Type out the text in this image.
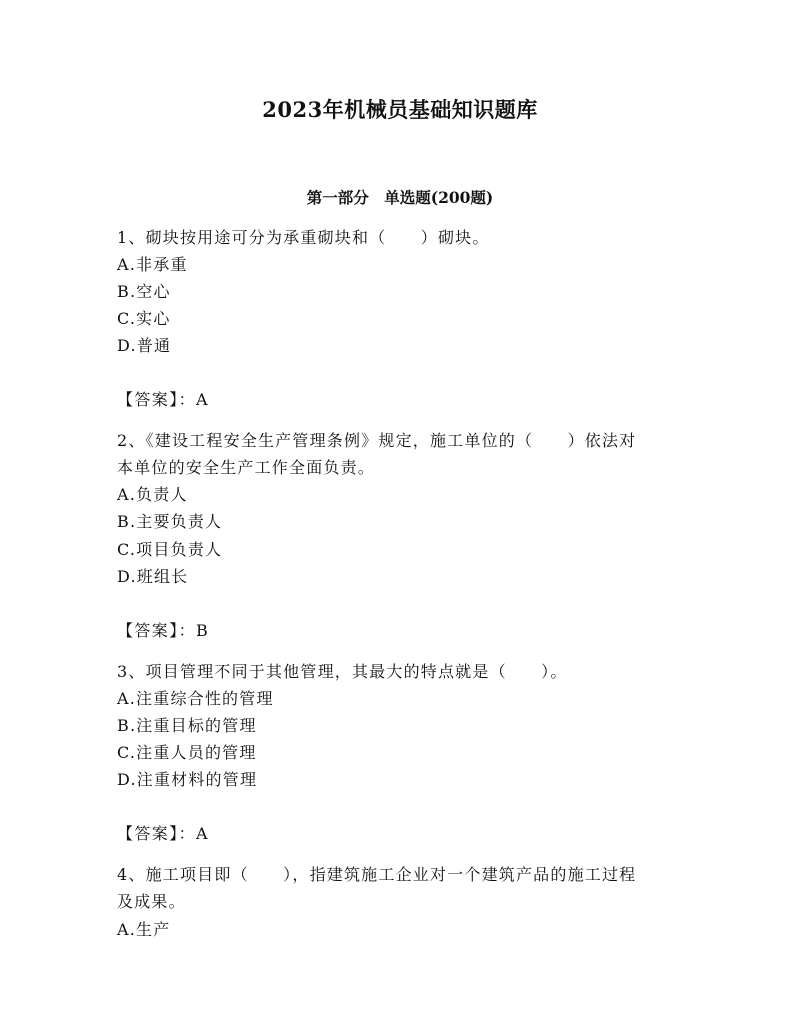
2023年机械员基础知识题库
第一部分　单选题(200题)
1、砌块按用途可分为承重砌块和（　　）砌块。
A.非承重
B.空心
C.实心
D.普通
【答案】：A
2、《建设工程安全生产管理条例》规定，施工单位的（　　）依法对
本单位的安全生产工作全面负责。
A.负责人
B.主要负责人
C.项目负责人
D.班组长
【答案】：B
3、项目管理不同于其他管理，其最大的特点就是（　　）。
A.注重综合性的管理
B.注重目标的管理
C.注重人员的管理
D.注重材料的管理
【答案】：A
4、施工项目即（　　），指建筑施工企业对一个建筑产品的施工过程
及成果。
A.生产
